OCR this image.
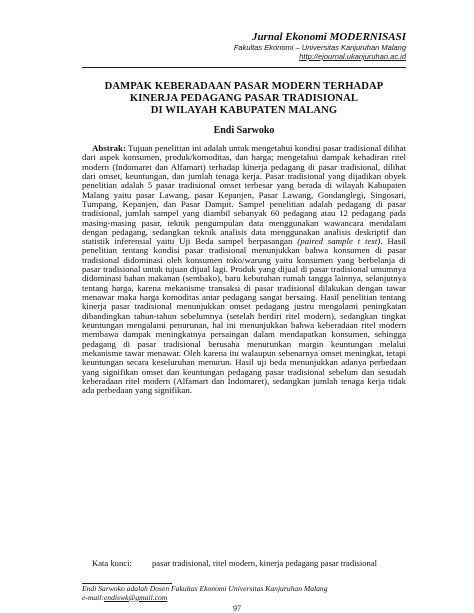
Jurnal Ekonomi MODERNISASI
Fakultas Ekonomi – Universitas Kanjuruhan Malang
http://ejournal.ukanjuruhan.ac.id
DAMPAK KEBERADAAN PASAR MODERN TERHADAP
KINERJA PEDAGANG PASAR TRADISIONAL
DI WILAYAH KABUPATEN MALANG
Endi Sarwoko
Abstrak: Tujuan penelitian ini adalah untuk mengetahui kondisi pasar tradisional dilihat dari aspek konsumen, produk/komoditas, dan harga; mengetahui dampak kehadiran ritel modern (Indomaret dan Alfamart) terhadap kinerja pedagang di pasar tradisional, dilihat dari omset, keuntungan, dan jumlah tenaga kerja. Pasar tradisional yang dijadikan obyek penelitian adalah 5 pasar tradisional omset terbesar yang berada di wilayah Kabupaten Malang yaitu pasar Lawang, pasar Kepanjen, Pasar Lawang, Gondanglegi, Singosari, Tumpang, Kepanjen, dan Pasar Dampit. Sampel penelitian adalah pedagang di pasar tradisional, jumlah sampel yang diambil sebanyak 60 pedagang atau 12 pedagang pada masing-masing pasar, teknik pengumpulan data menggunakan wawancara mendalam dengan pedagang, sedangkan teknik analisis data menggunakan analisis deskriptif dan statistik inferensial yaitu Uji Beda sampel berpasangan (paired sample t test). Hasil penelitian tentang kondisi pasar tradisional menunjukkan bahwa konsumen di pasar tradisional didominasi oleh konsumen toko/warung yaitu konsumen yang berbelanja di pasar tradisional untuk tujuan dijual lagi. Produk yang dijual di pasar tradisional umumnya didominasi bahan makanan (sembako), baru kebutuhan rumah tangga lainnya, selanjutnya tentang harga, karena mekanisme transaksi di pasar tradisional dilakukan dengan tawar menawar maka harga komoditas antar pedagang sangat bersaing. Hasil penelitian tentang kinerja pasar tradisional menunjukkan omset pedagang justru mengalami peningkatan dibandingkan tahun-tahun sebelumnya (setelah berdiri ritel modern), sedangkan tingkat keuntungan mengalami penurunan, hal ini menunjukkan bahwa keberadaan ritel modern membawa dampak meningkatnya persaingan dalam mendapatkan konsumen, sehingga pedagang di pasar tradisional berusaha menurunkan margin keuntungan melalui mekanisme tawar menawar. Oleh karena itu walaupun sebenarnya omset meningkat, tetapi keuntungan secara keseluruhan menurun. Hasil uji beda menunjukkan adanya perbedaan yang signifikan omset dan keuntungan pedagang pasar tradisional sebelum dan sesudah keberadaan ritel modern (Alfamart dan Indomaret), sedangkan jumlah tenaga kerja tidak ada perbedaan yang signifikan.
Kata kunci:	pasar tradisional, ritel modern, kinerja pedagang pasar tradisional
Endi Sarwoko adalah Dosen Fakultas Ekonomi Universitas Kanjuruhan Malang
e-mail:endiswk@gmail.com
97
